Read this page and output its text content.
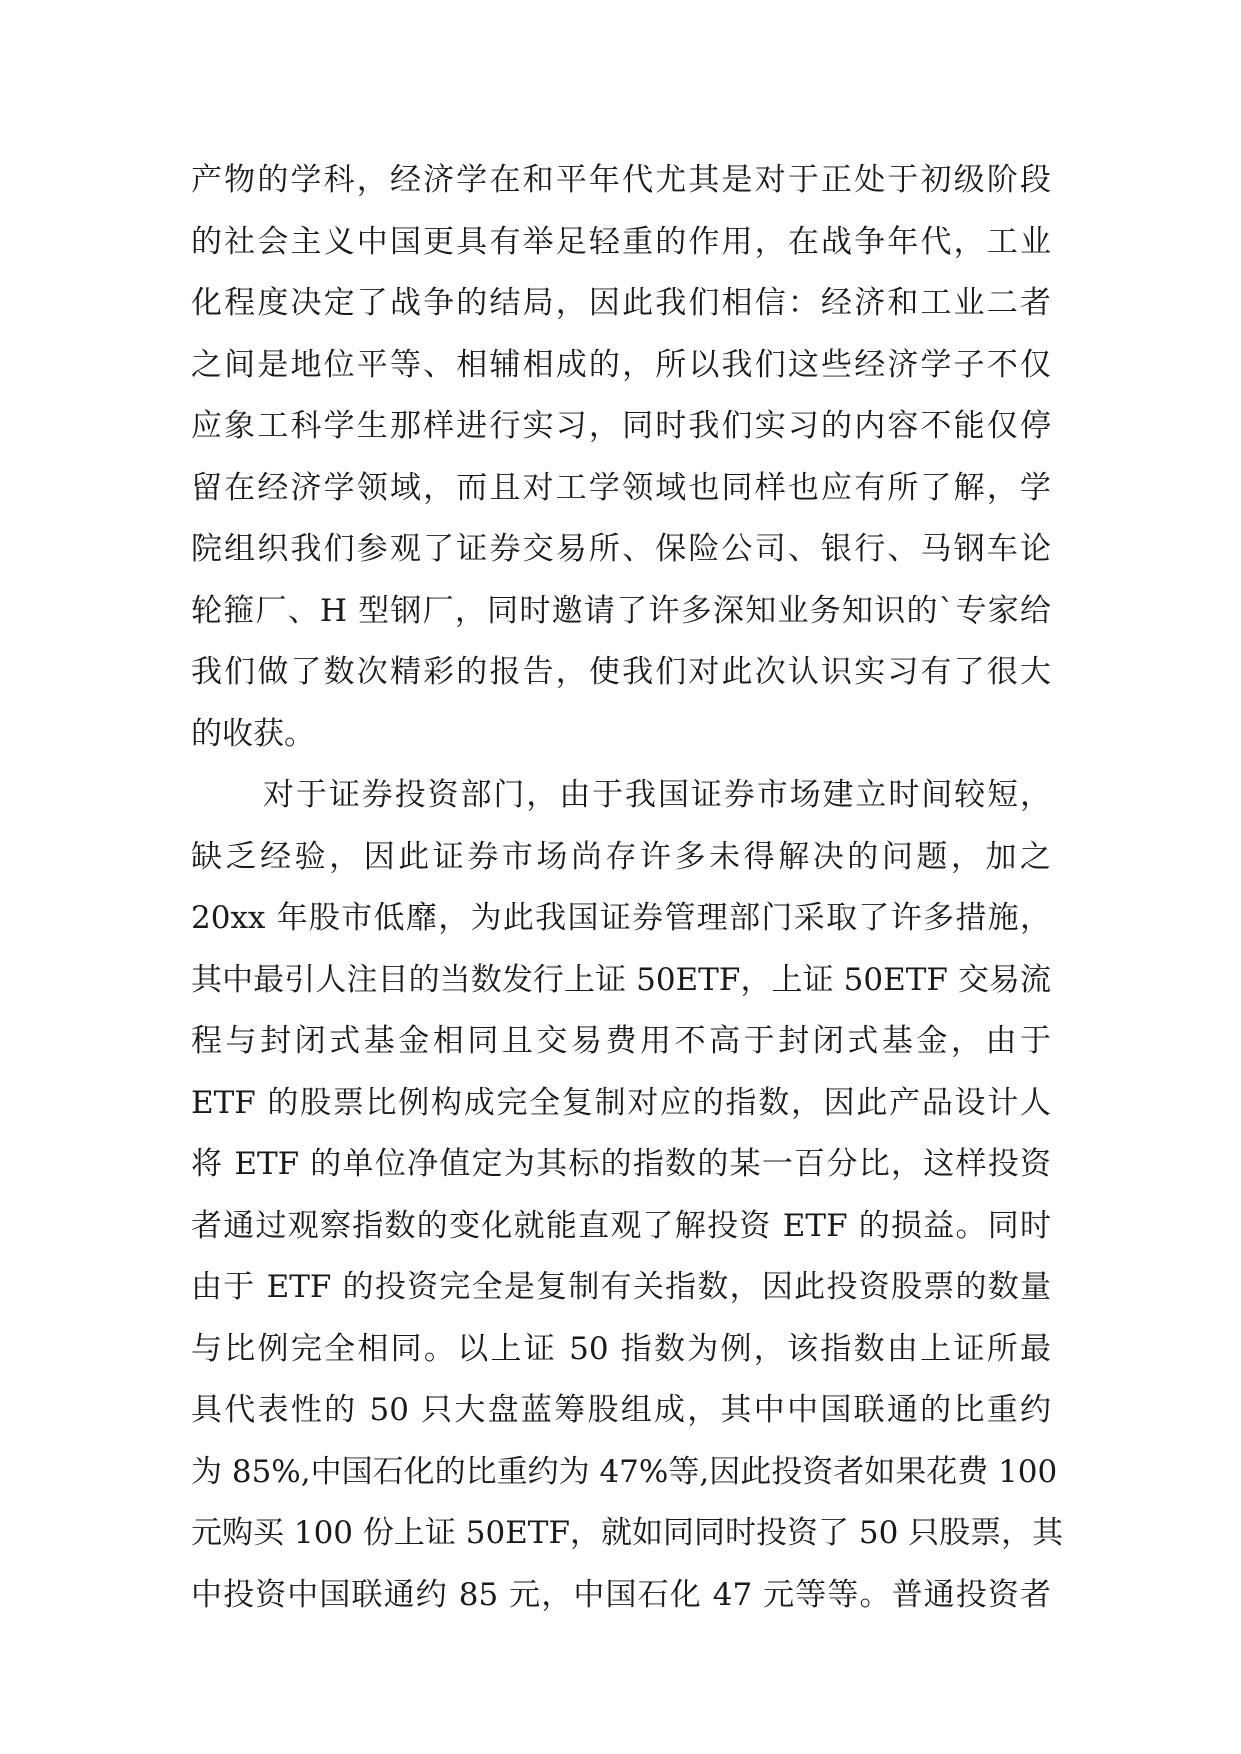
产物的学科，经济学在和平年代尤其是对于正处于初级阶段
的社会主义中国更具有举足轻重的作用，在战争年代，工业
化程度决定了战争的结局，因此我们相信：经济和工业二者
之间是地位平等、相辅相成的，所以我们这些经济学子不仅
应象工科学生那样进行实习，同时我们实习的内容不能仅停
留在经济学领域，而且对工学领域也同样也应有所了解，学
院组织我们参观了证券交易所、保险公司、银行、马钢车论
轮箍厂、H 型钢厂，同时邀请了许多深知业务知识的`专家给
我们做了数次精彩的报告，使我们对此次认识实习有了很大
的收获。
对于证券投资部门，由于我国证券市场建立时间较短，
缺乏经验，因此证券市场尚存许多未得解决的问题，加之
20xx 年股市低靡，为此我国证券管理部门采取了许多措施，
其中最引人注目的当数发行上证 50ETF，上证 50ETF 交易流
程与封闭式基金相同且交易费用不高于封闭式基金，由于
ETF 的股票比例构成完全复制对应的指数，因此产品设计人
将 ETF 的单位净值定为其标的指数的某一百分比，这样投资
者通过观察指数的变化就能直观了解投资 ETF 的损益。同时
由于 ETF 的投资完全是复制有关指数，因此投资股票的数量
与比例完全相同。以上证 50 指数为例，该指数由上证所最
具代表性的 50 只大盘蓝筹股组成，其中中国联通的比重约
为 85%,中国石化的比重约为 47%等,因此投资者如果花费 100
元购买 100 份上证 50ETF，就如同同时投资了 50 只股票，其
中投资中国联通约 85 元，中国石化 47 元等等。普通投资者
